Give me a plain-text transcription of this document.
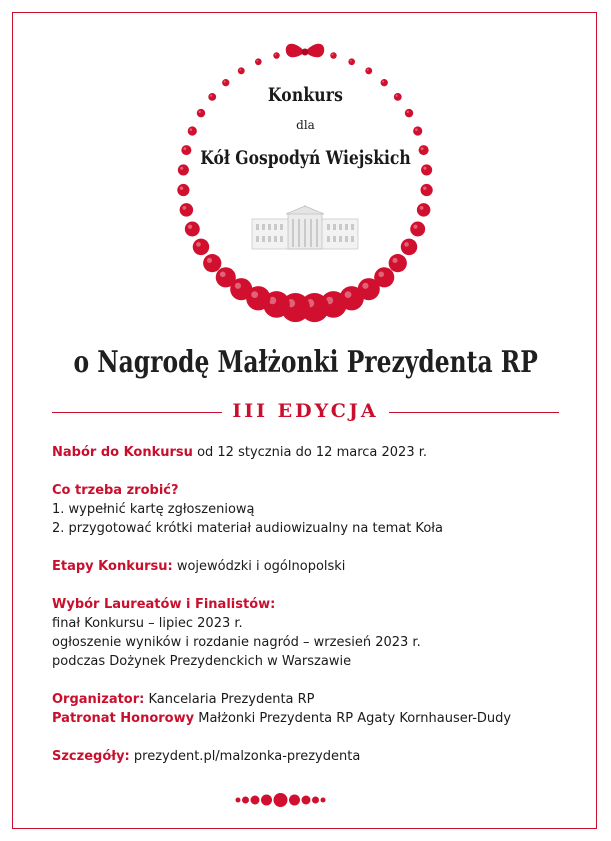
Konkurs
dla
Kół Gospodyń Wiejskich
o Nagrodę Małżonki Prezydenta RP
III EDYCJA

Nabór do Konkursu od 12 stycznia do 12 marca 2023 r.

Co trzeba zrobić?

1. wypełnić kartę zgłoszeniową

2. przygotować krótki materiał audiowizualny na temat Koła

Etapy Konkursu: wojewódzki i ogólnopolski

Wybór Laureatów i Finalistów:

finał Konkursu – lipiec 2023 r.

ogłoszenie wyników i rozdanie nagród – wrzesień 2023 r.

podczas Dożynek Prezydenckich w Warszawie

Organizator: Kancelaria Prezydenta RP

Patronat Honorowy Małżonki Prezydenta RP Agaty Kornhauser-Dudy

Szczegóły: prezydent.pl/malzonka-prezydenta
